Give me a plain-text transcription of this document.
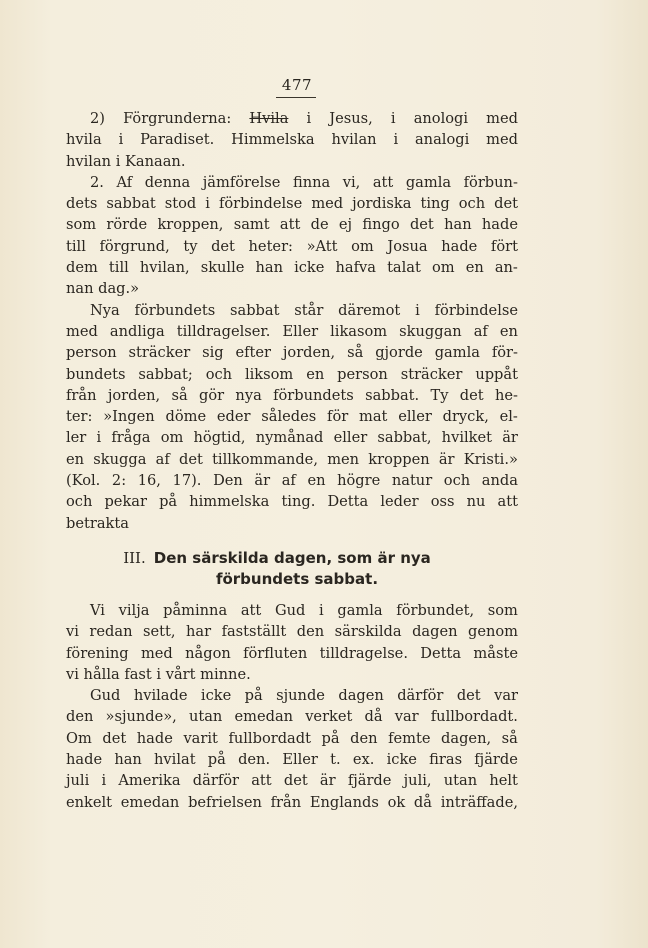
477
2) Förgrunderna: Hvila i Jesus, i anologi med
hvila i Paradiset. Himmelska hvilan i analogi med
hvilan i Kanaan.
2. Af denna jämförelse finna vi, att gamla förbun-
dets sabbat stod i förbindelse med jordiska ting och det
som rörde kroppen, samt att de ej fingo det han hade
till förgrund, ty det heter: »Att om Josua hade fört
dem till hvilan, skulle han icke hafva talat om en an-
nan dag.»
Nya förbundets sabbat står däremot i förbindelse
med andliga tilldragelser. Eller likasom skuggan af en
person sträcker sig efter jorden, så gjorde gamla för-
bundets sabbat; och liksom en person sträcker uppåt
från jorden, så gör nya förbundets sabbat. Ty det he-
ter: »Ingen döme eder således för mat eller dryck, el-
ler i fråga om högtid, nymånad eller sabbat, hvilket är
en skugga af det tillkommande, men kroppen är Kristi.»
(Kol. 2: 16, 17). Den är af en högre natur och anda
och pekar på himmelska ting. Detta leder oss nu att
betrakta
III. Den särskilda dagen, som är nya
förbundets sabbat.
Vi vilja påminna att Gud i gamla förbundet, som
vi redan sett, har fastställt den särskilda dagen genom
förening med någon förfluten tilldragelse. Detta måste
vi hålla fast i vårt minne.
Gud hvilade icke på sjunde dagen därför det var
den »sjunde», utan emedan verket då var fullbordadt.
Om det hade varit fullbordadt på den femte dagen, så
hade han hvilat på den. Eller t. ex. icke firas fjärde
juli i Amerika därför att det är fjärde juli, utan helt
enkelt emedan befrielsen från Englands ok då inträffade,
